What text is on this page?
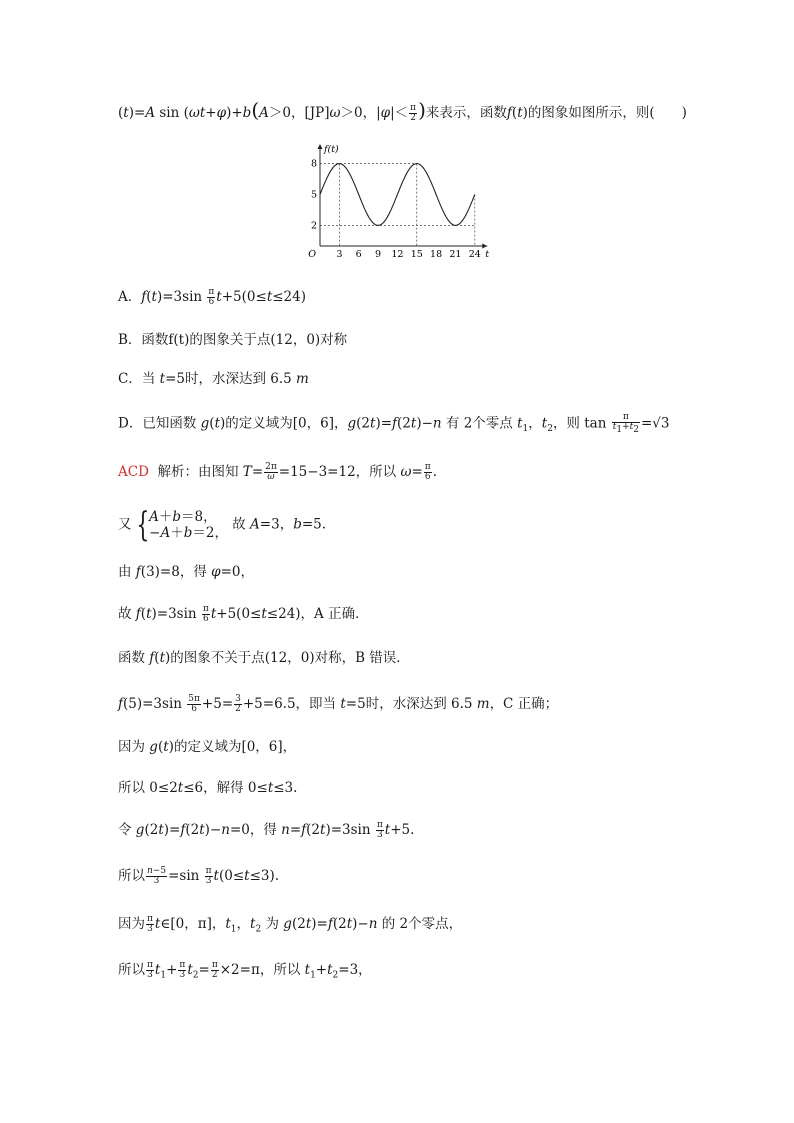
(t)=A sin (ωt+φ)+b(A＞0，[JP]ω＞0，$|\varphi|< \frac{\pi}{2}$ )来表示，函数f(t)的图象如图所示，则(　　)
3 6 9 12 15 18 21 24
2
5
8
O
f(t)
t
A．$f(t)=3\sin \frac{\pi}{6} t+5(0\le t\le 24)$
B．函数f(t)的图象关于点(12，0)对称
C．当 t=5时，水深达到 6.5 m
D．已知函数 g(t)的定义域为[0，6]，g(2t)=f(2t)−n 有 2个零点 $t_1$，$t_2$，则 $\tan \frac{\pi}{t_1+t_2} =√3$
ACD 解析：由图知 $T= \frac{2\pi}{\omega} =15-3=12$，所以 $\omega= \frac{\pi}{6}$ .
又 {A＋b＝8，
−A＋b＝2， 故 A=3，b=5.
由 f(3)=8，得 φ=0，
故 $f(t)=3\sin \frac{\pi}{6} t+5(0\le t\le 24)$，A 正确．
函数 f(t)的图象不关于点(12，0)对称，B 错误．
$f(5)=3\sin \frac{5\pi}{6} +5= \frac{3}{2} +5=6.5$，即当 t=5时，水深达到 6.5 m，C 正确；
因为 g(t)的定义域为[0，6]，
所以 0≤2t≤6，解得 0≤t≤3.
令 g(2t)=f(2t)−n=0，得 $n=f(2t)=3\sin \frac{\pi}{3} t+5$.
所以 $\frac{n-5}{3} =\sin \frac{\pi}{3} t(0\le t\le 3)$.
因为 $\frac{\pi}{3}$ t∈[0，π]，$t_1$，$t_2$ 为 g(2t)=f(2t)−n 的 2个零点，
所以 $\frac{\pi}{3} t_1+ \frac{\pi}{3} t_2= \frac{\pi}{2} \times 2=\pi$，所以 $t_1+t_2=3$，
